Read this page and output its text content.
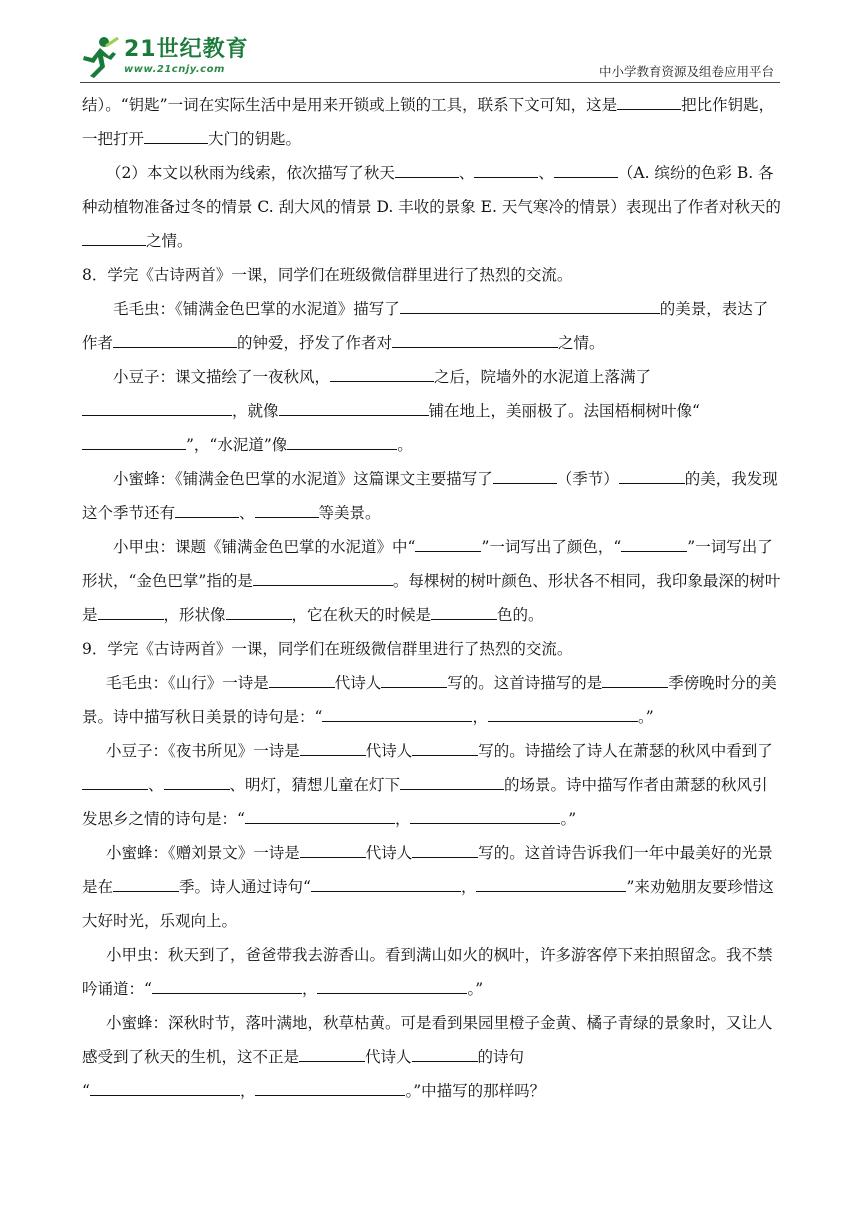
21世纪教育
www.21cnjy.com	中小学教育资源及组卷应用平台

结）。“钥匙”一词在实际生活中是用来开锁或上锁的工具，联系下文可知，这是	把比作钥匙，

一把打开	大门的钥匙。

（2）本文以秋雨为线索，依次描写了秋天	、	、	（A. 缤纷的色彩 B. 各种动植物准备过冬的情景 C. 刮大风的情景 D. 丰收的景象 E. 天气寒冷的情景）表现出了作者对秋天的之情。

8．学完《古诗两首》一课，同学们在班级微信群里进行了热烈的交流。

毛毛虫：《铺满金色巴掌的水泥道》描写了	的美景，表达了作者	的钟爱，抒发了作者对	之情。

小豆子：课文描绘了一夜秋风，	之后，院墙外的水泥道上落满了，就像	铺在地上，美丽极了。法国梧桐树叶像“”，“水泥道”像	。

小蜜蜂：《铺满金色巴掌的水泥道》这篇课文主要描写了	（季节）	的美，我发现这个季节还有	、	等美景。

小甲虫：课题《铺满金色巴掌的水泥道》中“	”一词写出了颜色，“	”一词写出了形状，“金色巴掌”指的是	。每棵树的树叶颜色、形状各不相同，我印象最深的树叶是	，形状像	，它在秋天的时候是	色的。

9．学完《古诗两首》一课，同学们在班级微信群里进行了热烈的交流。

毛毛虫：《山行》一诗是	代诗人	写的。这首诗描写的是	季傍晚时分的美景。诗中描写秋日美景的诗句是：“	，	。”

小豆子：《夜书所见》一诗是	代诗人	写的。诗描绘了诗人在萧瑟的秋风中看到了、	、明灯，猜想儿童在灯下	的场景。诗中描写作者由萧瑟的秋风引发思乡之情的诗句是：“	，	。”

小蜜蜂：《赠刘景文》一诗是	代诗人	写的。这首诗告诉我们一年中最美好的光景是在	季。诗人通过诗句“	，	”来劝勉朋友要珍惜这大好时光，乐观向上。

小甲虫：秋天到了，爸爸带我去游香山。看到满山如火的枫叶，许多游客停下来拍照留念。我不禁吟诵道：“	，	。”

小蜜蜂：深秋时节，落叶满地，秋草枯黄。可是看到果园里橙子金黄、橘子青绿的景象时，又让人感受到了秋天的生机，这不正是	代诗人	的诗句

“	，	。”中描写的那样吗？
